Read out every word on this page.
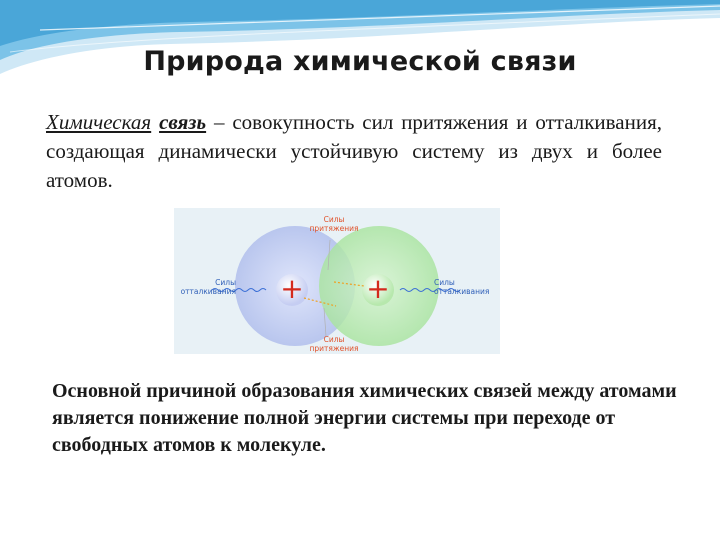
Природа химической связи
Химическая связь – совокупность сил притяжения и отталкивания, создающая динамически устойчивую систему из двух и более атомов.
+ +
Силы
притяжения
Силы
притяжения
Силы
отталкивания
Силы
отталкивания
Основной причиной образования химических связей между атомами является понижение полной энергии системы при переходе от свободных атомов к молекуле.
